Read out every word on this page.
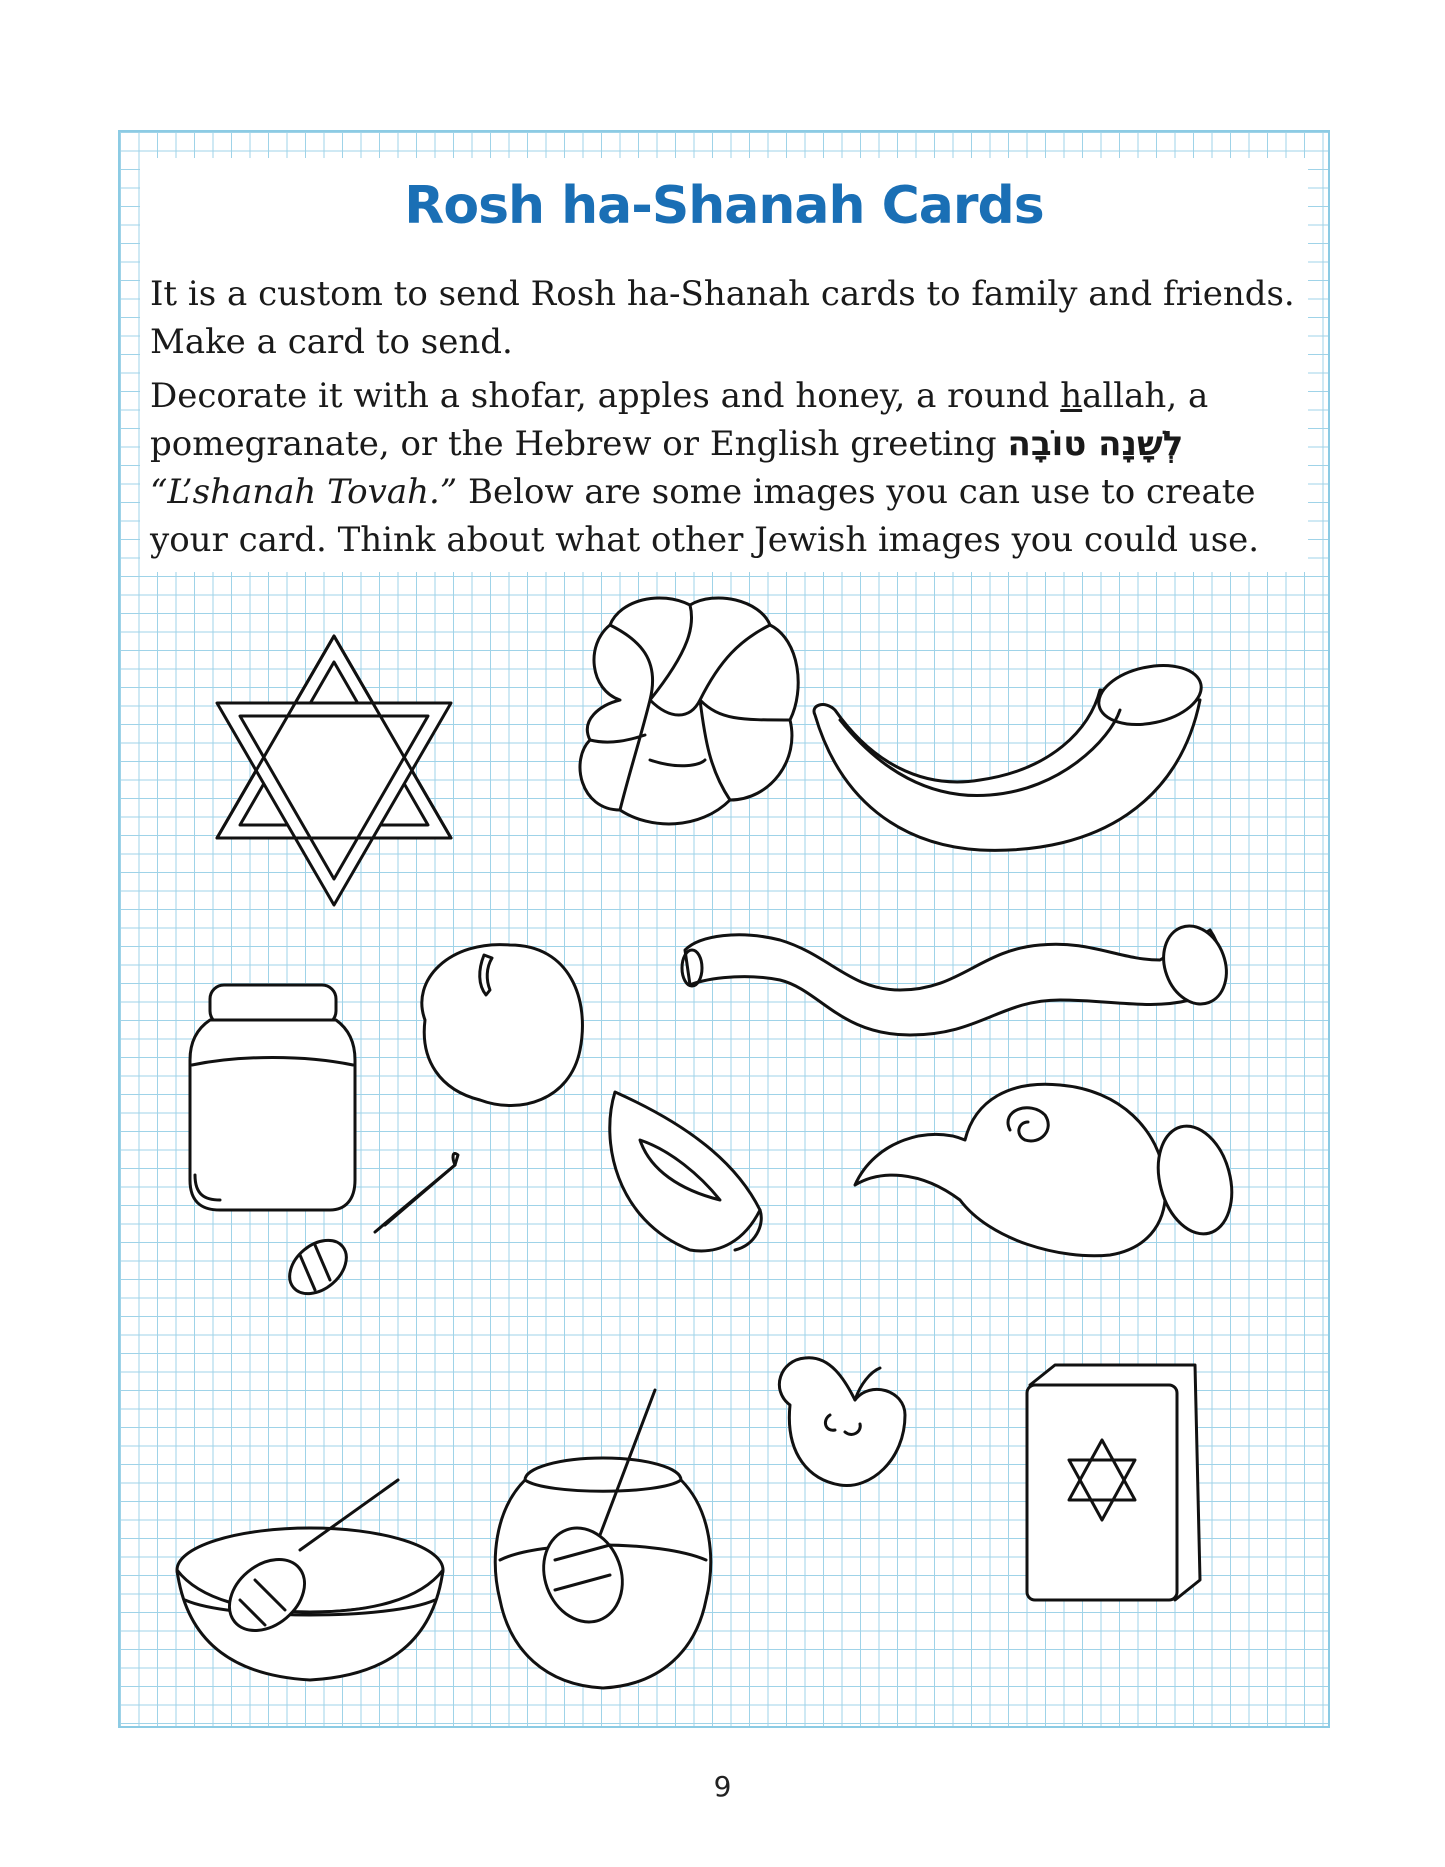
Rosh ha-Shanah Cards

It is a custom to send Rosh ha-Shanah cards to family and friends. Make a card to send.

Decorate it with a shofar, apples and honey, a round hallah, a pomegranate, or the Hebrew or English greeting לְשָׁנָה טוֹבָה
“L’shanah Tovah.” Below are some images you can use to create your card. Think about what other Jewish images you could use.

9
